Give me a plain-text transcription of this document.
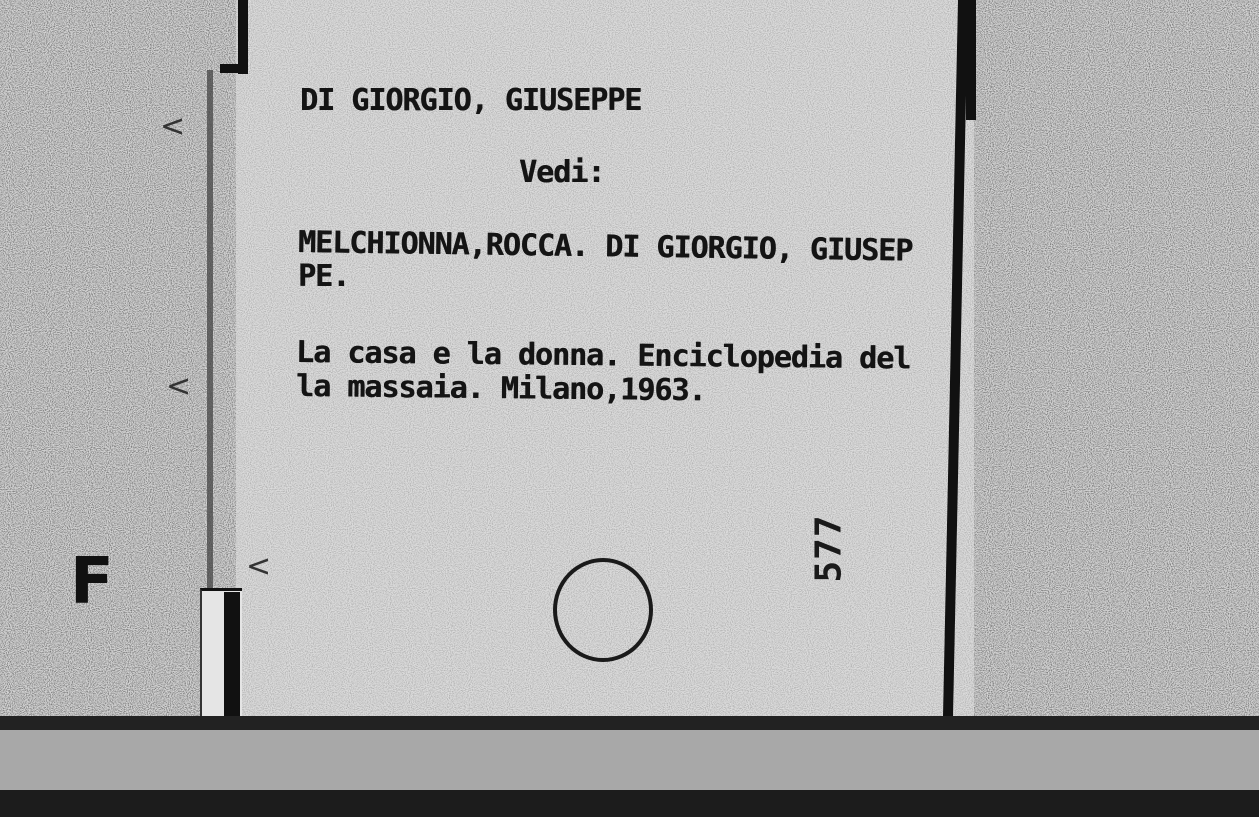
<
<
<

DI GIORGIO, GIUSEPPE

Vedi:

MELCHIONNA,ROCCA. DI GIORGIO, GIUSEP

PE.

La casa e la donna. Enciclopedia del

la massaia. Milano,1963.

577
F
